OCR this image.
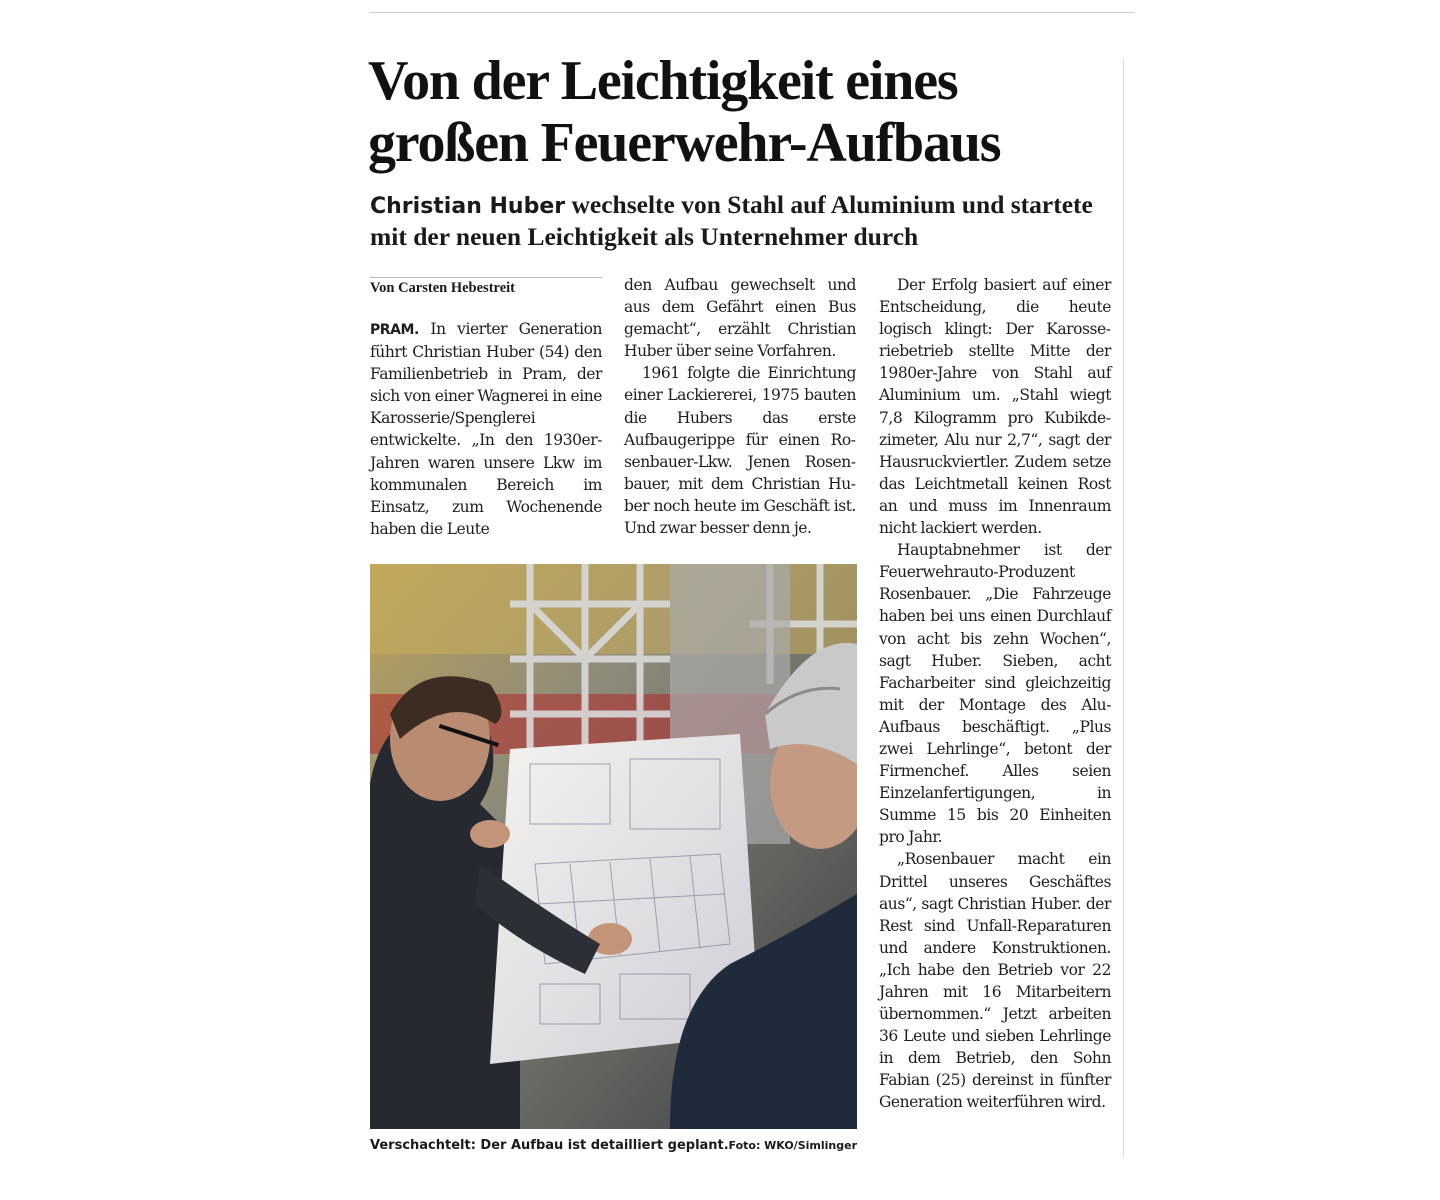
Von der Leichtigkeit eines großen Feuerwehr-Aufbaus
Christian Huber wechselte von Stahl auf Aluminium und startete mit der neuen Leichtigkeit als Unternehmer durch
Von Carsten Hebestreit

PRAM. In vierter Generation führt Christian Huber (54) den Familienbetrieb in Pram, der sich von einer Wagnerei in eine Karosserie/Spenglerei entwickelte. „In den 1930er-Jahren waren unsere Lkw im kommunalen Bereich im Einsatz, zum Wochenende haben die Leute

den Aufbau gewechselt und aus dem Gefährt einen Bus gemacht“, erzählt Christian Huber über seine Vorfahren.

1961 folgte die Einrichtung einer Lackiererei, 1975 bauten die Hubers das erste Aufbaugerippe für einen Rosenbauer-Lkw. Jenen Rosenbauer, mit dem Christian Huber noch heute im Geschäft ist. Und zwar besser denn je.

Der Erfolg basiert auf einer Entscheidung, die heute logisch klingt: Der Karosseriebetrieb stellte Mitte der 1980er-Jahre von Stahl auf Aluminium um. „Stahl wiegt 7,8 Kilogramm pro Kubikdezimeter, Alu nur 2,7“, sagt der Hausruckviertler. Zudem setze das Leichtmetall keinen Rost an und muss im Innenraum nicht lackiert werden.

Hauptabnehmer ist der Feuerwehrauto-Produzent Rosenbauer. „Die Fahrzeuge haben bei uns einen Durchlauf von acht bis zehn Wochen“, sagt Huber. Sieben, acht Facharbeiter sind gleichzeitig mit der Montage des Alu-Aufbaus beschäftigt. „Plus zwei Lehrlinge“, betont der Firmenchef. Alles seien Einzelanfertigungen, in Summe 15 bis 20 Einheiten pro Jahr.

„Rosenbauer macht ein Drittel unseres Geschäftes aus“, sagt Christian Huber. der Rest sind Unfall-Reparaturen und andere Konstruktionen. „Ich habe den Betrieb vor 22 Jahren mit 16 Mitarbeitern übernommen.“ Jetzt arbeiten 36 Leute und sieben Lehrlinge in dem Betrieb, den Sohn Fabian (25) dereinst in fünfter Generation weiterführen wird.

Verschachtelt: Der Aufbau ist detailliert geplant. Foto: WKO/Simlinger
